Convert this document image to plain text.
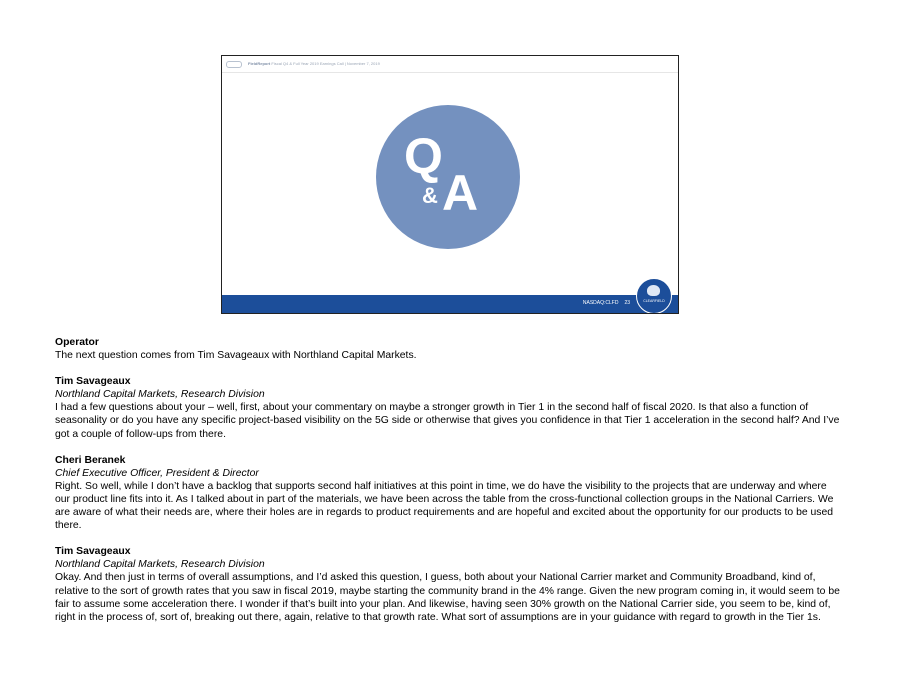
FieldReport Fiscal Q4 & Full Year 2019 Earnings Call | November 7, 2019
Q
& A
NASDAQ:CLFD 23	CLEARFIELD
Operator

The next question comes from Tim Savageaux with Northland Capital Markets.

Tim Savageaux
Northland Capital Markets, Research Division

I had a few questions about your – well, first, about your commentary on maybe a stronger growth in Tier 1 in the second half of fiscal 2020. Is that also a function of seasonality or do you have any specific project-based visibility on the 5G side or otherwise that gives you confidence in that Tier 1 acceleration in the second half? And I’ve got a couple of follow-ups from there.

Cheri Beranek
Chief Executive Officer, President & Director

Right. So well, while I don’t have a backlog that supports second half initiatives at this point in time, we do have the visibility to the projects that are underway and where our product line fits into it. As I talked about in part of the materials, we have been across the table from the cross-functional collection groups in the National Carriers. We are aware of what their needs are, where their holes are in regards to product requirements and are hopeful and excited about the opportunity for our products to be used there.

Tim Savageaux
Northland Capital Markets, Research Division

Okay. And then just in terms of overall assumptions, and I’d asked this question, I guess, both about your National Carrier market and Community Broadband, kind of, relative to the sort of growth rates that you saw in fiscal 2019, maybe starting the community brand in the 4% range. Given the new program coming in, it would seem to be fair to assume some acceleration there. I wonder if that’s built into your plan. And likewise, having seen 30% growth on the National Carrier side, you seem to be, kind of, right in the process of, sort of, breaking out there, again, relative to that growth rate. What sort of assumptions are in your guidance with regard to growth in the Tier 1s.
